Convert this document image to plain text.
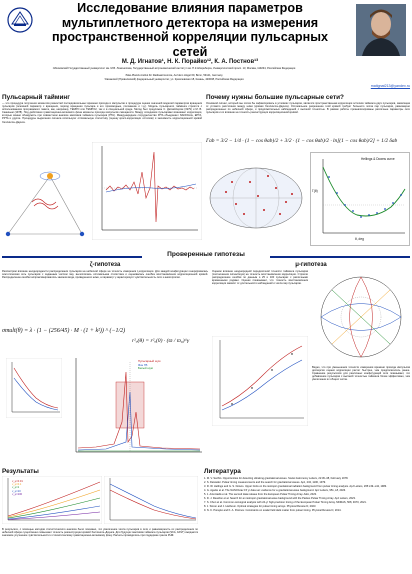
Исследование влияния параметров
мультиплетного детектора на измерения
пространственной корреляции пульсарных сетей
М. Д. Игнатов¹, Н. К. Порайко¹², К. А. Постнов¹³
¹Московский Государственный университет им. М.В. Ломоносова, Государственный астрономический институт им. П.К.Штернберга, Университетский просп. 13, Москва, 119234, Российская Федерация
²Max-Planck-Institut für Radioastronomie, Auf dem Hügel 69, Bonn, 53121, Germany
³Казанский (Приволжский) федеральный университет, ул. Кремлевская 18, Казань, 420008, Российская Федерация
matignat213@yandex.ru
Пульсарный тайминг
— это процедура получения моментов разностей последовательных времени прихода в импульсов и процедура оценки значений моделей параметров вращения пульсаров (основной параметр с вращения, период вращения пульсара и его производные, положение и т.д.). Модель пульсарного тайминга строится с использованием программного пакета, как, например, TEMPO или TEMPO2, так и в специальной среде. Метод был предложен С. Детвейлером (1979) и М. В. Сажиным (1978). Под действием гравитационно-волнового фона моменты прихода импульсов смещаются. Между соседними пульсарами возникают корреляции, которые можно обнаружить при совместном анализе массивов тайминга пульсаров (PTA). Международное сотрудничество IPTA объединяет NANOGrav, EPTA, PPTA и другие. Процедуры выделения сигнала используют оптимальную статистику (оценку кросс-корреляции остатков) и значимость корреляционной кривой Хеллингса–Даунса.
Почему нужны большие пульсарные сети?
Основной сигнал, который мы хотим бы зафиксировать в условиях пульсаров, является пространственная корреляция остатков тайминга двух пульсаров, зависящая от углового расстояния между ними (кривая Хеллингса–Даунса). Оптимальное разрешение этой кривой требует большого числа пар пульсаров, равномерно распределенных по небесной сфере, и продолжительных наблюдений с высокой точностью. В рамках работы проанализированы различные параметры сети пульсаров и их влияние на точность реконструкции корреляционной кривой.
Γab = 3/2 − 1/4 · (1 − cos θab)/2 + 3/2 · (1 − cos θab)/2 · ln[(1 − cos θab)/2] + 1/2 δab
Hellings & Downs curve
θ, deg
Γ(θ)
Проверенные гипотезы
ζ-гипотеза
Рассмотрим влияние неоднородности распределения пульсаров на небесной сфере на точность измерения ζ-корреляции. Для каждой конфигурации генерировалась синтетическая сеть пульсаров с заданным числом пар, вычислялась оптимальная статистика и оценивалась ошибка восстановления корреляционной кривой. Распределение ошибки аппроксимировалось законом вида, приведенного ниже, а параметр γ характеризует чувствительность сети к анизотропии.
σmult(θ) = λ · (1 − (256/45) · M · (1 + k²)) ^ (−1/2)
r²ₒ(θ) = r²ₒ(0) · (ϖ / ϖ₀)^γ
Пульсарный шум
Фон ГВ
Белый шум
μ-гипотеза
Оценим влияние неоднородной передаточной точности тайминга пульсаров (соотношения сигнал/шум) на точность восстановления корреляции. Строили распределение ошибки по данным о 25 и 100 пульсарах с различными временными рядами. Оценки показывают, что точность восстановления корреляции зависит от длительности наблюдений и числа пар пульсаров.
Видно, что при уменьшении точности измерения времени прихода импульсов дисперсия оценки корреляции растет быстрее, чем предполагалось ранее. Сравнение результатов для различных конфигураций сети показывает, что добавление пульсаров с высокой точностью тайминга более эффективно, чем увеличение их общего числа.
Результаты
ν_μ=0.01
ν_μ=0.1
ν_μ=1
ν_μ=10
ν_μ=100
В результате, с помощью методов статистического анализа было показано, что увеличение числа пульсаров в сети и равномерность их распределения по небесной сфере существенно повышают точность реконструкции кривой Хеллингса–Даунса. Для будущих массивов тайминга пульсаров (SKA, FAST) ожидается значимое улучшение чувствительности к стохастическому гравитационно-волновому фону. Расчеты проводились при поддержке гранта РНФ.
Литература
1. M. V. Sazhin. Opportunities for detecting ultralong gravitational waves. Soviet Astronomy Letters, 22:36–38, February 1978.
2. S. Detweiler. Pulsar timing measurements and the search for gravitational waves. ApJ, 234, 1100, 1979.
3. R. W. Hellings and G. S. Downs. Upper limits on the isotropic gravitational radiation background from pulsar timing analysis. ApJ Letters, 265:L39–L42, 1983.
4. G. Agazie et al. The NANOGrav 15 yr data set: evidence for a gravitational-wave background. ApJ Letters, 951, L8, 2023.
5. J. Antoniadis et al. The second data release from the European Pulsar Timing Array. A&A, 2023.
6. D. J. Reardon et al. Search for an isotropic gravitational-wave background with the Parkes Pulsar Timing Array. ApJ Letters, 2023.
7. S. Chen et al. Common-red-signal analysis with 24-yr high-precision timing of the European Pulsar Timing Array. MNRAS, 508, 4970, 2021.
8. J. Simon and J. Hazboun. Optimal strategies for pulsar timing arrays. Physical Review D, 2023.
9. N. K. Porayko and K. A. Postnov. Constraints on scalar field dark matter from pulsar timing. Physical Review D, 2014.
